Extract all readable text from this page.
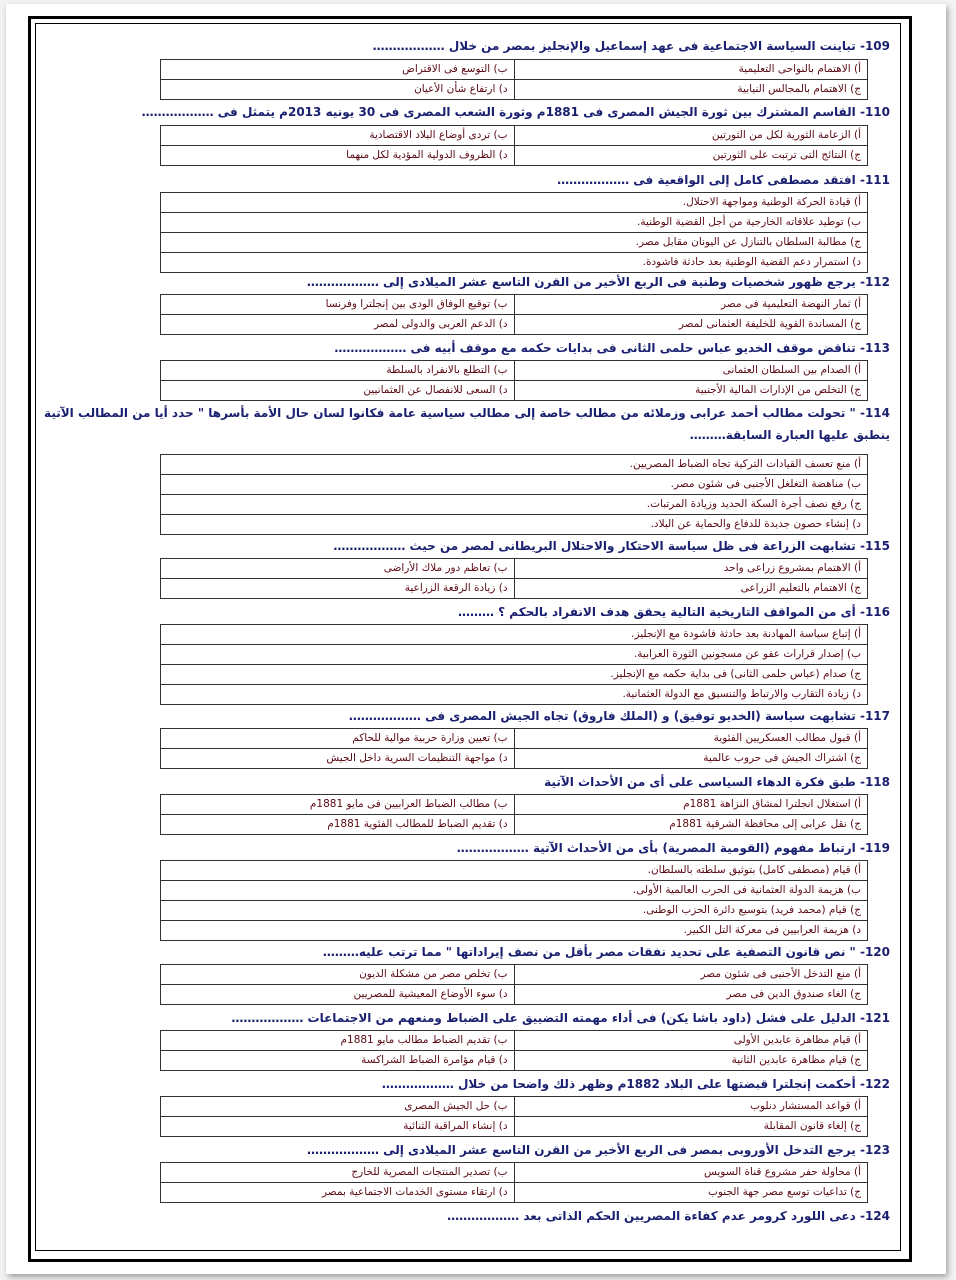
109- تباينت السياسة الاجتماعية فى عهد إسماعيل والإنجليز بمصر من خلال ………………
أ) الاهتمام بالنواحى التعليمية	ب) التوسع فى الاقتراض
ج) الاهتمام بالمجالس النيابية	د) ارتفاع شأن الأعيان
110- القاسم المشترك بين ثورة الجيش المصرى فى 1881م وثورة الشعب المصرى فى 30 يونيه 2013م يتمثل فى ………………
أ) الزعامة الثورية لكل من الثورتين	ب) تردى أوضاع البلاد الاقتصادية
ج) النتائج التى ترتبت على الثورتين	د) الظروف الدولية المؤدية لكل منهما
111- افتقد مصطفى كامل إلى الواقعية فى ………………
أ) قيادة الحركة الوطنية ومواجهة الاحتلال.
ب) توطيد علاقاته الخارجية من أجل القضية الوطنية.
ج) مطالبة السلطان بالتنازل عن اليونان مقابل مصر.
د) استمرار دعم القضية الوطنية بعد حادثة فاشودة.
112- يرجع ظهور شخصيات وطنية فى الربع الأخير من القرن التاسع عشر الميلادى إلى ………………
أ) ثمار النهضة التعليمية فى مصر	ب) توقيع الوفاق الودى بين إنجلترا وفرنسا
ج) المساندة القوية للخليفة العثمانى لمصر	د) الدعم العربى والدولى لمصر
113- تناقض موقف الخديو عباس حلمى الثانى فى بدايات حكمه مع موقف أبيه فى ………………
أ) الصدام بين السلطان العثمانى	ب) التطلع بالانفراد بالسلطة
ج) التخلص من الإدارات المالية الأجنبية	د) السعى للانفصال عن العثمانيين
114- " تحولت مطالب أحمد عرابى وزملائه من مطالب خاصة إلى مطالب سياسية عامة فكانوا لسان حال الأمة بأسرها " حدد أيا من المطالب الآتية ينطبق عليها العبارة السابقة………
أ) منع تعسف القيادات التركية تجاه الضباط المصريين.
ب) مناهضة التغلغل الأجنبى فى شئون مصر.
ج) رفع نصف أجرة السكة الحديد وزيادة المرتبات.
د) إنشاء حصون جديدة للدفاع والحماية عن البلاد.
115- تشابهت الزراعة فى ظل سياسة الاحتكار والاحتلال البريطانى لمصر من حيث ………………
أ) الاهتمام بمشروع زراعى واحد	ب) تعاظم دور ملاك الأراضى
ج) الاهتمام بالتعليم الزراعى	د) زيادة الرقعة الزراعية
116- أى من المواقف التاريخية التالية يحقق هدف الانفراد بالحكم ؟ ………
أ) إتباع سياسة المهادنة بعد حادثة فاشودة مع الإنجليز.
ب) إصدار قرارات عفو عن مسجونين الثورة العرابية.
ج) صدام (عباس حلمى الثانى) فى بداية حكمه مع الإنجليز.
د) زيادة التقارب والارتباط والتنسيق مع الدولة العثمانية.
117- تشابهت سياسة (الخديو توفيق) و (الملك فاروق) تجاه الجيش المصرى فى ………………
أ) قبول مطالب العسكريين الفئوية	ب) تعيين وزارة حربية موالية للحاكم
ج) اشتراك الجيش فى حروب عالمية	د) مواجهة التنظيمات السرية داخل الجيش
118- طبق فكرة الدهاء السياسى على أى من الأحداث الآتية
أ) استغلال انجلترا لمشاق النزاهة 1881م	ب) مطالب الضباط العرابيين فى مايو 1881م
ج) نقل عرابى إلى محافظة الشرقية 1881م	د) تقديم الضباط للمطالب الفئوية 1881م
119- ارتباط مفهوم (القومية المصرية) بأى من الأحداث الآتية ………………
أ) قيام (مصطفى كامل) بتوثيق سلطته بالسلطان.
ب) هزيمة الدولة العثمانية فى الحرب العالمية الأولى.
ج) قيام (محمد فريد) بتوسيع دائرة الحزب الوطنى.
د) هزيمة العرابيين فى معركة التل الكبير.
120- " نص قانون التصفية على تحديد نفقات مصر بأقل من نصف إيراداتها " مما ترتب عليه………
أ) منع التدخل الأجنبى فى شئون مصر	ب) تخلص مصر من مشكلة الديون
ج) الغاء صندوق الدين فى مصر	د) سوء الأوضاع المعيشية للمصريين
121- الدليل على فشل (داود باشا يكن) فى أداء مهمته التضييق على الضباط ومنعهم من الاجتماعات ………………
أ) قيام مظاهرة عابدين الأولى	ب) تقديم الضباط مطالب مايو 1881م
ج) قيام مظاهرة عابدين الثانية	د) قيام مؤامرة الضباط الشراكسة
122- أحكمت إنجلترا قبضتها على البلاد 1882م وظهر ذلك واضحا من خلال ………………
أ) قواعد المستشار دنلوب	ب) حل الجيش المصرى
ج) إلغاء قانون المقابلة	د) إنشاء المراقبة الثنائية
123- يرجع التدخل الأوروبى بمصر فى الربع الأخير من القرن التاسع عشر الميلادى إلى ………………
أ) محاولة حفر مشروع قناة السويس	ب) تصدير المنتجات المصرية للخارج
ج) تداعيات توسع مصر جهة الجنوب	د) ارتقاء مستوى الخدمات الاجتماعية بمصر
124- دعى اللورد كرومر عدم كفاءة المصريين الحكم الذاتى بعد ………………
